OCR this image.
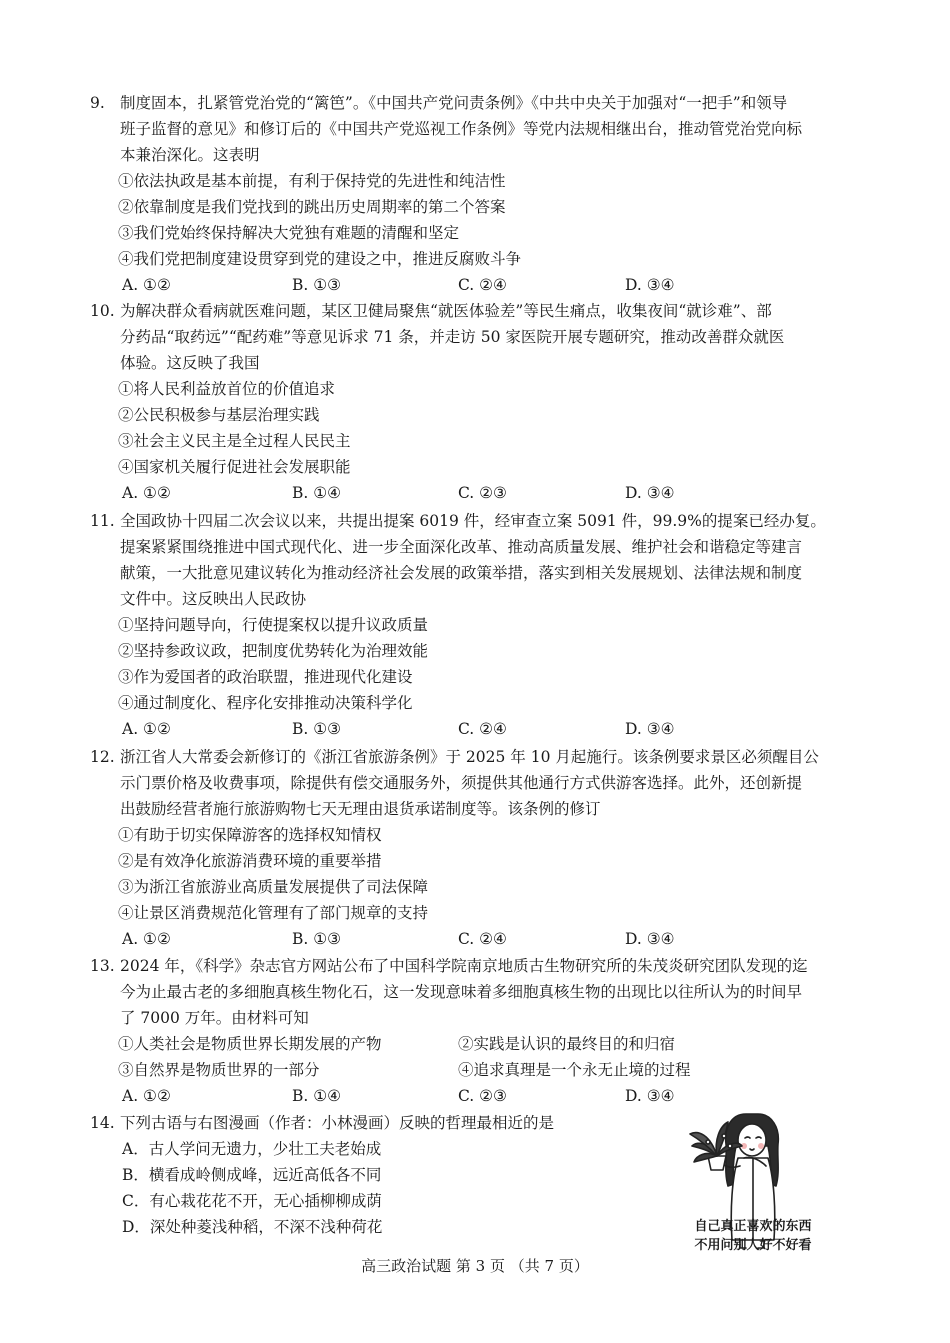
9. 制度固本，扎紧管党治党的“篱笆”。《中国共产党问责条例》《中共中央关于加强对“一把手”和领导
班子监督的意见》和修订后的《中国共产党巡视工作条例》等党内法规相继出台，推动管党治党向标
本兼治深化。这表明
①依法执政是基本前提，有利于保持党的先进性和纯洁性
②依靠制度是我们党找到的跳出历史周期率的第二个答案
③我们党始终保持解决大党独有难题的清醒和坚定
④我们党把制度建设贯穿到党的建设之中，推进反腐败斗争
A. ①②	B. ①③	C. ②④	D. ③④
10. 为解决群众看病就医难问题，某区卫健局聚焦“就医体验差”等民生痛点，收集夜间“就诊难”、部
分药品“取药远”“配药难”等意见诉求 71 条，并走访 50 家医院开展专题研究，推动改善群众就医
体验。这反映了我国
①将人民利益放首位的价值追求
②公民积极参与基层治理实践
③社会主义民主是全过程人民民主
④国家机关履行促进社会发展职能
A. ①②	B. ①④	C. ②③	D. ③④
11. 全国政协十四届二次会议以来，共提出提案 6019 件，经审查立案 5091 件，99.9%的提案已经办复。
提案紧紧围绕推进中国式现代化、进一步全面深化改革、推动高质量发展、维护社会和谐稳定等建言
献策，一大批意见建议转化为推动经济社会发展的政策举措，落实到相关发展规划、法律法规和制度
文件中。这反映出人民政协
①坚持问题导向，行使提案权以提升议政质量
②坚持参政议政，把制度优势转化为治理效能
③作为爱国者的政治联盟，推进现代化建设
④通过制度化、程序化安排推动决策科学化
A. ①②	B. ①③	C. ②④	D. ③④
12. 浙江省人大常委会新修订的《浙江省旅游条例》于 2025 年 10 月起施行。该条例要求景区必须醒目公
示门票价格及收费事项，除提供有偿交通服务外，须提供其他通行方式供游客选择。此外，还创新提
出鼓励经营者施行旅游购物七天无理由退货承诺制度等。该条例的修订
①有助于切实保障游客的选择权知情权
②是有效净化旅游消费环境的重要举措
③为浙江省旅游业高质量发展提供了司法保障
④让景区消费规范化管理有了部门规章的支持
A. ①②	B. ①③	C. ②④	D. ③④
13. 2024 年，《科学》杂志官方网站公布了中国科学院南京地质古生物研究所的朱茂炎研究团队发现的迄
今为止最古老的多细胞真核生物化石，这一发现意味着多细胞真核生物的出现比以往所认为的时间早
了 7000 万年。由材料可知
①人类社会是物质世界长期发展的产物	②实践是认识的最终目的和归宿
③自然界是物质世界的一部分	④追求真理是一个永无止境的过程
A. ①②	B. ①④	C. ②③	D. ③④
14. 下列古语与右图漫画（作者：小林漫画）反映的哲理最相近的是
A．古人学问无遗力，少壮工夫老始成
B．横看成岭侧成峰，远近高低各不同
C．有心栽花花不开，无心插柳柳成荫
D．深处种菱浅种稻，不深不浅种荷花	自己真正喜欢的东西
不用问别人好不好看
高三政治试题 第 3 页 （共 7 页）
